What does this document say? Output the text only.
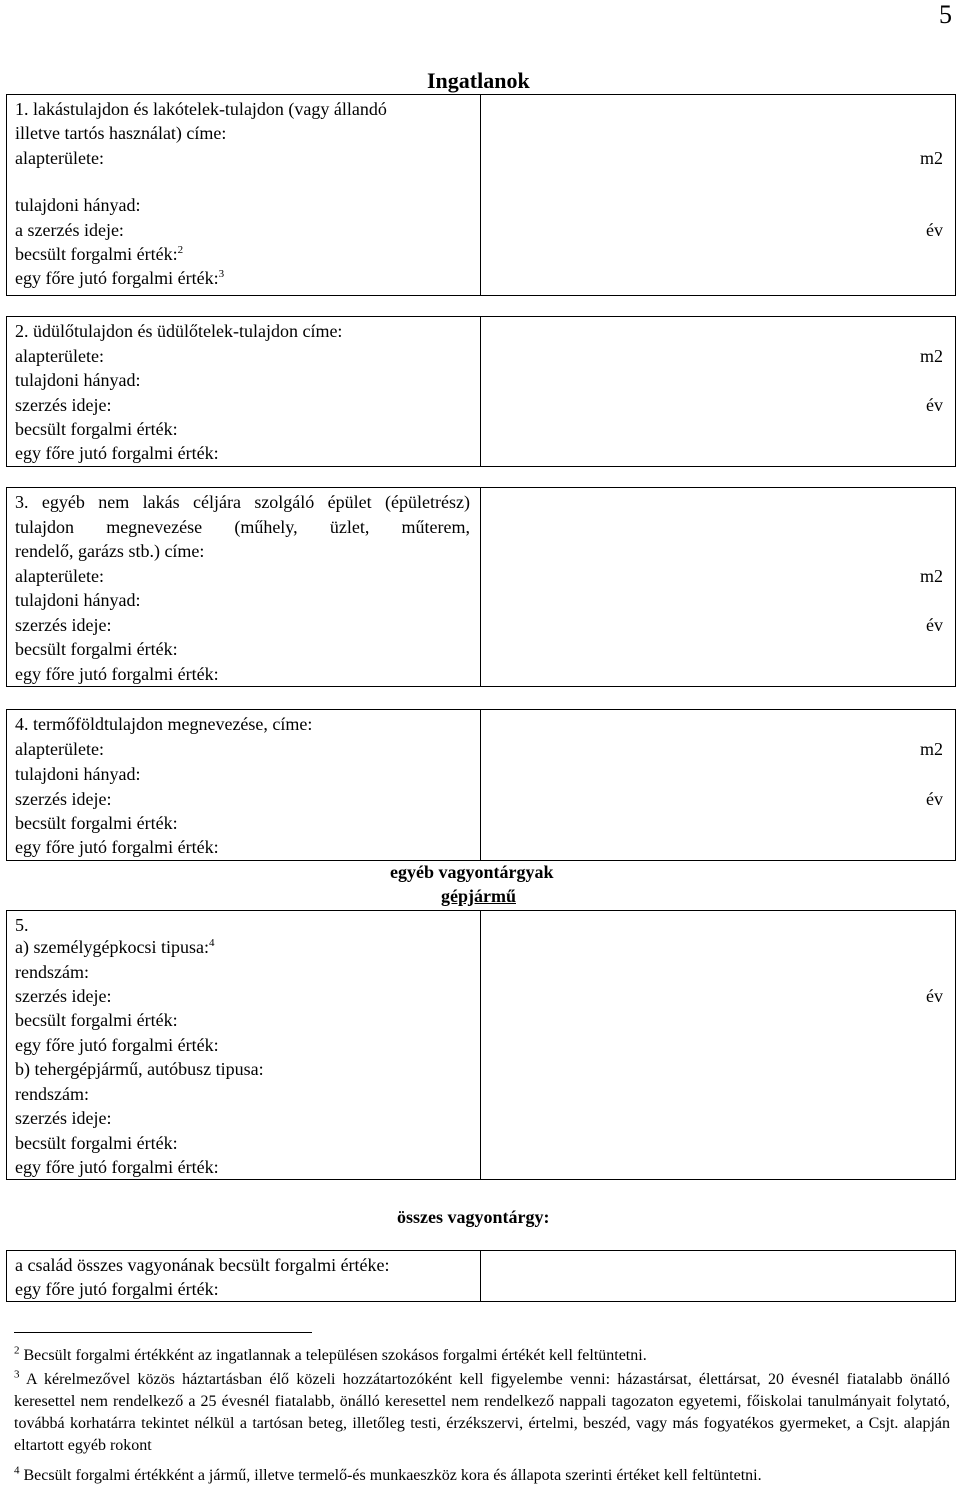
5
Ingatlanok
1. lakástulajdon és lakótelek-tulajdon (vagy állandó
illetve tartós használat) címe:
alapterülete:	m2
tulajdoni hányad:
a szerzés ideje:	év
becsült forgalmi érték:$^2$
egy főre jutó forgalmi érték:$^3$
2. üdülőtulajdon és üdülőtelek-tulajdon címe:
alapterülete:	m2
tulajdoni hányad:
szerzés ideje:	év
becsült forgalmi érték:
egy főre jutó forgalmi érték:
3. egyéb nem lakás céljára szolgáló épület (épületrész)
tulajdon megnevezése (műhely, üzlet, műterem,
rendelő, garázs stb.) címe:
alapterülete:	m2
tulajdoni hányad:
szerzés ideje:	év
becsült forgalmi érték:
egy főre jutó forgalmi érték:
4. termőföldtulajdon megnevezése, címe:
alapterülete:	m2
tulajdoni hányad:
szerzés ideje:	év
becsült forgalmi érték:
egy főre jutó forgalmi érték:
egyéb vagyontárgyak
gépjármű
5.
a) személygépkocsi tipusa:$^4$
rendszám:
szerzés ideje:	év
becsült forgalmi érték:
egy főre jutó forgalmi érték:
b) tehergépjármű, autóbusz tipusa:
rendszám:
szerzés ideje:
becsült forgalmi érték:
egy főre jutó forgalmi érték:
összes vagyontárgy:
a család összes vagyonának becsült forgalmi értéke:
egy főre jutó forgalmi érték:
$^2$ Becsült forgalmi értékként az ingatlannak a településen szokásos forgalmi értékét kell feltüntetni.
$^3$ A kérelmezővel közös háztartásban élő közeli hozzátartozóként kell figyelembe venni: házastársat, élettársat, 20 évesnél fiatalabb önálló keresettel nem rendelkező a 25 évesnél fiatalabb, önálló keresettel nem rendelkező nappali tagozaton egyetemi, főiskolai tanulmányait folytató, továbbá korhatárra tekintet nélkül a tartósan beteg, illetőleg testi, érzékszervi, értelmi, beszéd, vagy más fogyatékos gyermeket, a Csjt. alapján eltartott egyéb rokont
$^4$ Becsült forgalmi értékként a jármű, illetve termelő-és munkaeszköz kora és állapota szerinti értéket kell feltüntetni.
